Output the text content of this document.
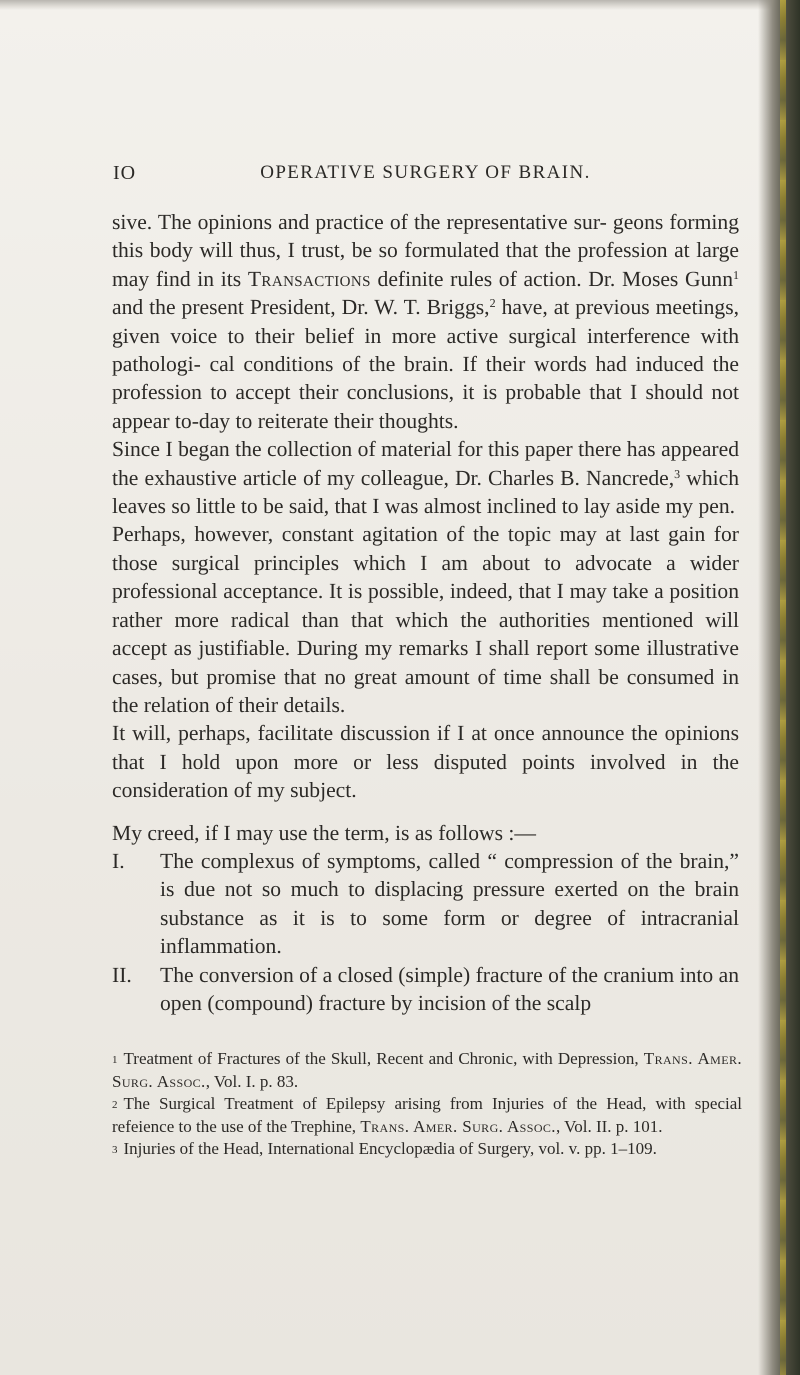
IO	OPERATIVE SURGERY OF BRAIN.

sive. The opinions and practice of the representative sur- geons forming this body will thus, I trust, be so formulated that the profession at large may find in its Transactions definite rules of action. Dr. Moses Gunn$^1$ and the present President, Dr. W. T. Briggs,$^2$ have, at previous meetings, given voice to their belief in more active surgical interference with pathologi- cal conditions of the brain. If their words had induced the profession to accept their conclusions, it is probable that I should not appear to-day to reiterate their thoughts.

Since I began the collection of material for this paper there has appeared the exhaustive article of my colleague, Dr. Charles B. Nancrede,$^3$ which leaves so little to be said, that I was almost inclined to lay aside my pen.

Perhaps, however, constant agitation of the topic may at last gain for those surgical principles which I am about to advocate a wider professional acceptance. It is possible, indeed, that I may take a position rather more radical than that which the authorities mentioned will accept as justifiable. During my remarks I shall report some illustrative cases, but promise that no great amount of time shall be consumed in the relation of their details.

It will, perhaps, facilitate discussion if I at once announce the opinions that I hold upon more or less disputed points involved in the consideration of my subject.

My creed, if I may use the term, is as follows :—

I. The complexus of symptoms, called “ compression of the brain,” is due not so much to displacing pressure exerted on the brain substance as it is to some form or degree of intracranial inflammation.

II. The conversion of a closed (simple) fracture of the cranium into an open (compound) fracture by incision of the scalp

1 Treatment of Fractures of the Skull, Recent and Chronic, with Depression, Trans. Amer. Surg. Assoc., Vol. I. p. 83.

2 The Surgical Treatment of Epilepsy arising from Injuries of the Head, with special refeience to the use of the Trephine, Trans. Amer. Surg. Assoc., Vol. II. p. 101.

3 Injuries of the Head, International Encyclopædia of Surgery, vol. v. pp. 1–109.
